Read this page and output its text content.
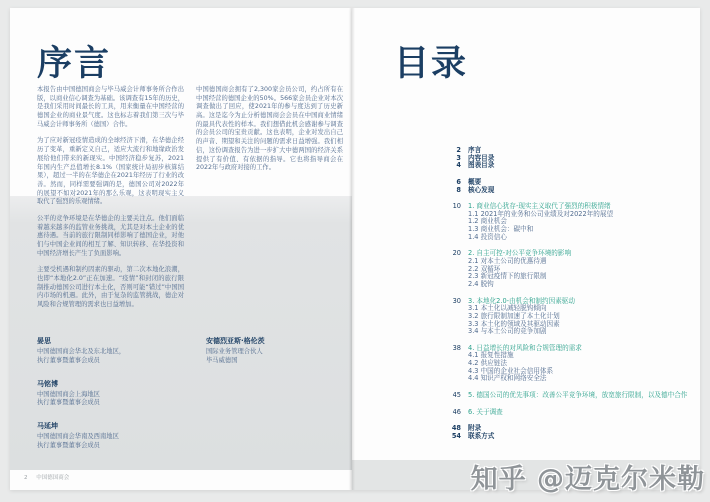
序言

本报告由中国德国商会与毕马威会计师事务所合作出版，以商业信心调查为基础。该调查有15年的历史，是我们采用时间最长的工具，用来衡量在中国经营的德国企业的商业景气度。这也标志着我们第三次与毕马威会计师事务所（德国）合作。

为了应对新冠疫情造成的全球经济下滑，在华德企经历了变革，重新定义自己，适应大流行和地缘政治发展给他们带来的新现实。中国经济稳步复苏，2021年国内生产总值增长8.1%（国家统计局初步核算结果），超过一半的在华德企在2021年经历了行业的改善。然而，同样需要强调的是，德国公司对2022年的展望不如对2021年的那么乐观，这表明现实主义取代了强烈的乐观情绪。

公平的竞争环境是在华德企的主要关注点。他们面临着越来越多的监管业务挑战，尤其是对本土企业的优惠待遇。当前的旅行限制同样影响了德国企业，对他们与中国企业间的相互了解、知识转移、在华投资和中国经济增长产生了负面影响。

主要受机遇和制约因素的驱动，第二次本地化浪潮，也即“本地化2.0”正在加速。“疫情”和封闭的旅行限制推动德国公司进行本土化，否则可能“错过”中国国内市场的机遇。此外，由于复杂的监管挑战，德企对风险和合规管理的需求也日益增加。

中国德国商会拥有了2,300家会员公司，约占所有在中国经营的德国企业的50%。566家会员企业对本次调查做出了回应，使2021年的参与度达到了历史新高。这是迄今为止分析德国商会会员在中国商业情绪的最具代表性的样本。我们想借此机会感谢参与调查的会员公司的宝贵贡献。这也表明，企业对发出自己的声音、期望和关注的问题的需求日益增强。我们相信，这份调查报告为进一步扩大中德两国的经济关系提供了有价值、有依据的指导。它也将指导商会在2022年与政府对接的工作。

晏思
中国德国商会华北及东北地区，
执行董事暨董事会成员
马铭博
中国德国商会上海地区
执行董事暨董事会成员
马延坤
中国德国商会华南及西南地区
执行董事暨董事会成员
安德烈亚斯·格伦茨
国际业务管理合伙人
毕马威德国
2 中国德国商会
目录
2 序言
3 内容目录
4 图表目录
6 概要
8 核心发现
10 1. 商业信心犹存-现实主义取代了强烈的积极情绪
1.1 2021年的业务和公司业绩及对2022年的展望
1.2 商业机会
1.3 商业机会：碳中和
1.4 投资信心
20 2. 自主可控-对公平竞争环境的影响
2.1 对本土公司的优惠待遇
2.2 双循环
2.3 新冠疫情下的旅行限制
2.4 脱钩
30 3. 本地化2.0-由机会和制约因素驱动
3.1 本土化以减轻脱钩倾向
3.2 旅行限制加速了本土化计划
3.3 本土化的领域及其驱动因素
3.4 与本土公司的竞争加剧
38 4. 日益增长的对风险和合规管理的需求
4.1 报复性措施
4.2 供应链法
4.3 中国的企业社会信用体系
4.4 知识产权和网络安全法
45 5. 德国公司的优先事项：改善公平竞争环境，放宽旅行限制，以及德中合作
46 6. 关于调查
48 附录
54 联系方式
知乎 @迈克尔米勒
